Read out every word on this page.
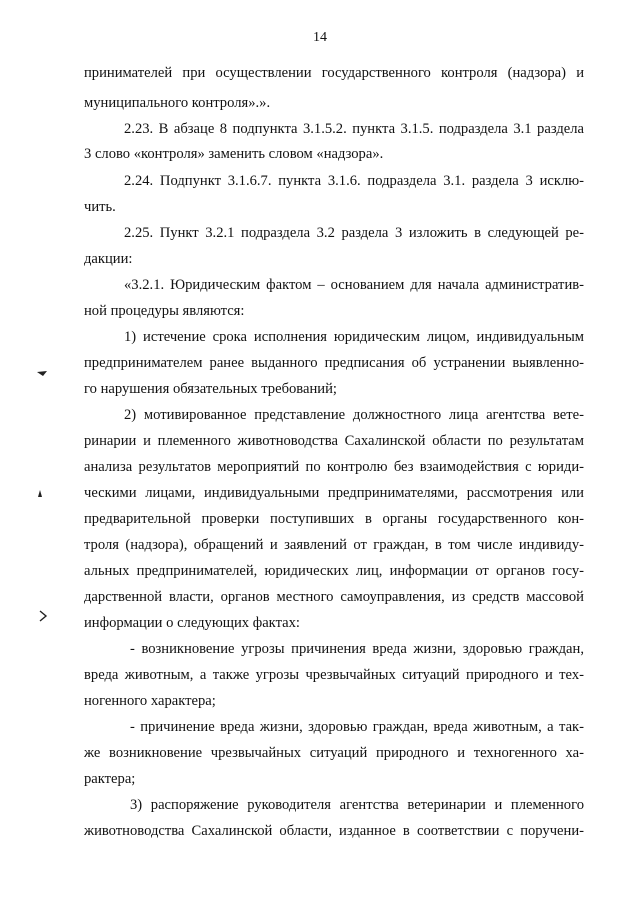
14
принимателей при осуществлении государственного контроля (надзора) и
муниципального контроля».».
2.23. В абзаце 8 подпункта 3.1.5.2. пункта 3.1.5. подраздела 3.1 раздела
3 слово «контроля» заменить словом «надзора».
2.24. Подпункт 3.1.6.7. пункта 3.1.6. подраздела 3.1. раздела 3 исклю-
чить.
2.25. Пункт 3.2.1 подраздела 3.2 раздела 3 изложить в следующей ре-
дакции:
«3.2.1. Юридическим фактом – основанием для начала административ-
ной процедуры являются:
1) истечение срока исполнения юридическим лицом, индивидуальным
предпринимателем ранее выданного предписания об устранении выявленно-
го нарушения обязательных требований;
2) мотивированное представление должностного лица агентства вете-
ринарии и племенного животноводства Сахалинской области по результатам
анализа результатов мероприятий по контролю без взаимодействия с юриди-
ческими лицами, индивидуальными предпринимателями, рассмотрения или
предварительной проверки поступивших в органы государственного кон-
троля (надзора), обращений и заявлений от граждан, в том числе индивиду-
альных предпринимателей, юридических лиц, информации от органов госу-
дарственной власти, органов местного самоуправления, из средств массовой
информации о следующих фактах:
- возникновение угрозы причинения вреда жизни, здоровью граждан,
вреда животным, а также угрозы чрезвычайных ситуаций природного и тех-
ногенного характера;
- причинение вреда жизни, здоровью граждан, вреда животным, а так-
же возникновение чрезвычайных ситуаций природного и техногенного ха-
рактера;
3) распоряжение руководителя агентства ветеринарии и племенного
животноводства Сахалинской области, изданное в соответствии с поручени-
